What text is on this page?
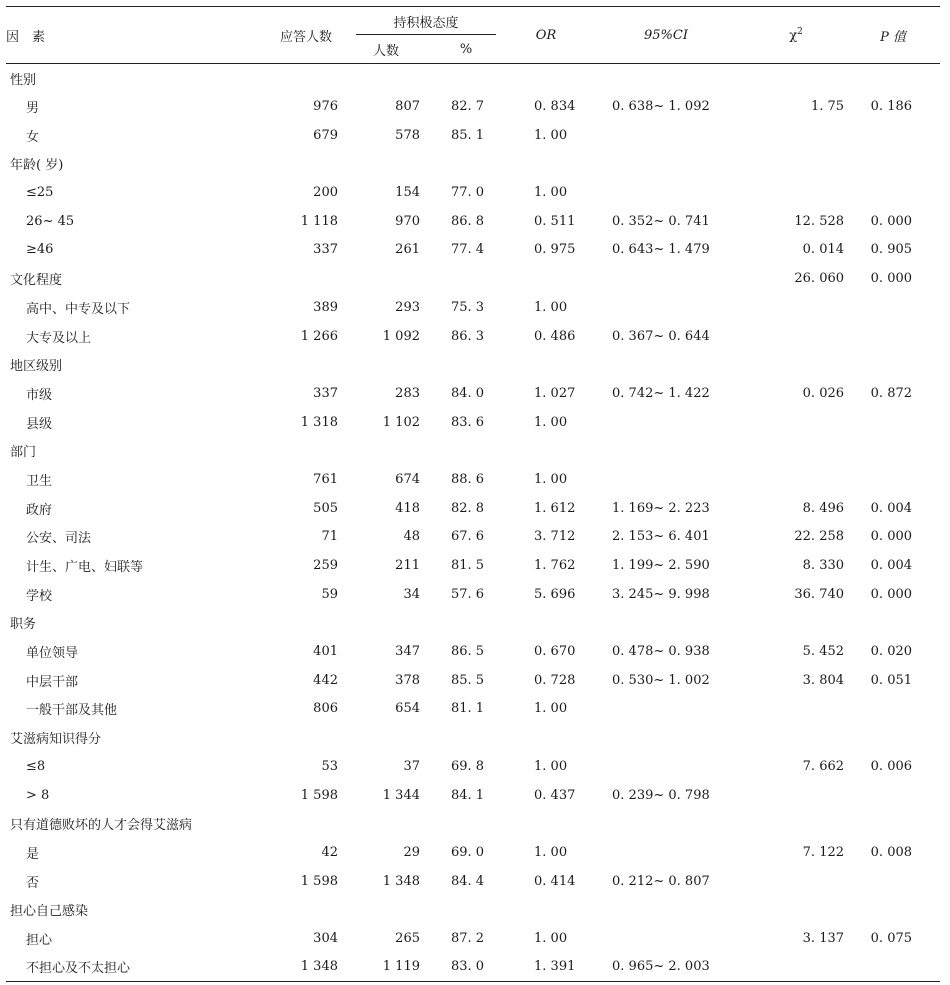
因　素	应答人数	持积极态度		OR	95%CI	$\chi^2$	P 值
		人数	%				
性别							
男	976	807	82. 7	0. 834	0. 638~ 1. 092	1. 75	0. 186
女	679	578	85. 1	1. 00			
年龄( 岁)							
≤25	200	154	77. 0	1. 00			
26~ 45	1 118	970	86. 8	0. 511	0. 352~ 0. 741	12. 528	0. 000
≥46	337	261	77. 4	0. 975	0. 643~ 1. 479	0. 014	0. 905
文化程度						26. 060	0. 000
高中、中专及以下	389	293	75. 3	1. 00			
大专及以上	1 266	1 092	86. 3	0. 486	0. 367~ 0. 644		
地区级别							
市级	337	283	84. 0	1. 027	0. 742~ 1. 422	0. 026	0. 872
县级	1 318	1 102	83. 6	1. 00			
部门							
卫生	761	674	88. 6	1. 00			
政府	505	418	82. 8	1. 612	1. 169~ 2. 223	8. 496	0. 004
公安、司法	71	48	67. 6	3. 712	2. 153~ 6. 401	22. 258	0. 000
计生、广电、妇联等	259	211	81. 5	1. 762	1. 199~ 2. 590	8. 330	0. 004
学校	59	34	57. 6	5. 696	3. 245~ 9. 998	36. 740	0. 000
职务							
单位领导	401	347	86. 5	0. 670	0. 478~ 0. 938	5. 452	0. 020
中层干部	442	378	85. 5	0. 728	0. 530~ 1. 002	3. 804	0. 051
一般干部及其他	806	654	81. 1	1. 00			
艾滋病知识得分							
≤8	53	37	69. 8	1. 00		7. 662	0. 006
> 8	1 598	1 344	84. 1	0. 437	0. 239~ 0. 798		
只有道德败坏的人才会得艾滋病							
是	42	29	69. 0	1. 00		7. 122	0. 008
否	1 598	1 348	84. 4	0. 414	0. 212~ 0. 807		
担心自己感染							
担心	304	265	87. 2	1. 00		3. 137	0. 075
不担心及不太担心	1 348	1 119	83. 0	1. 391	0. 965~ 2. 003		
